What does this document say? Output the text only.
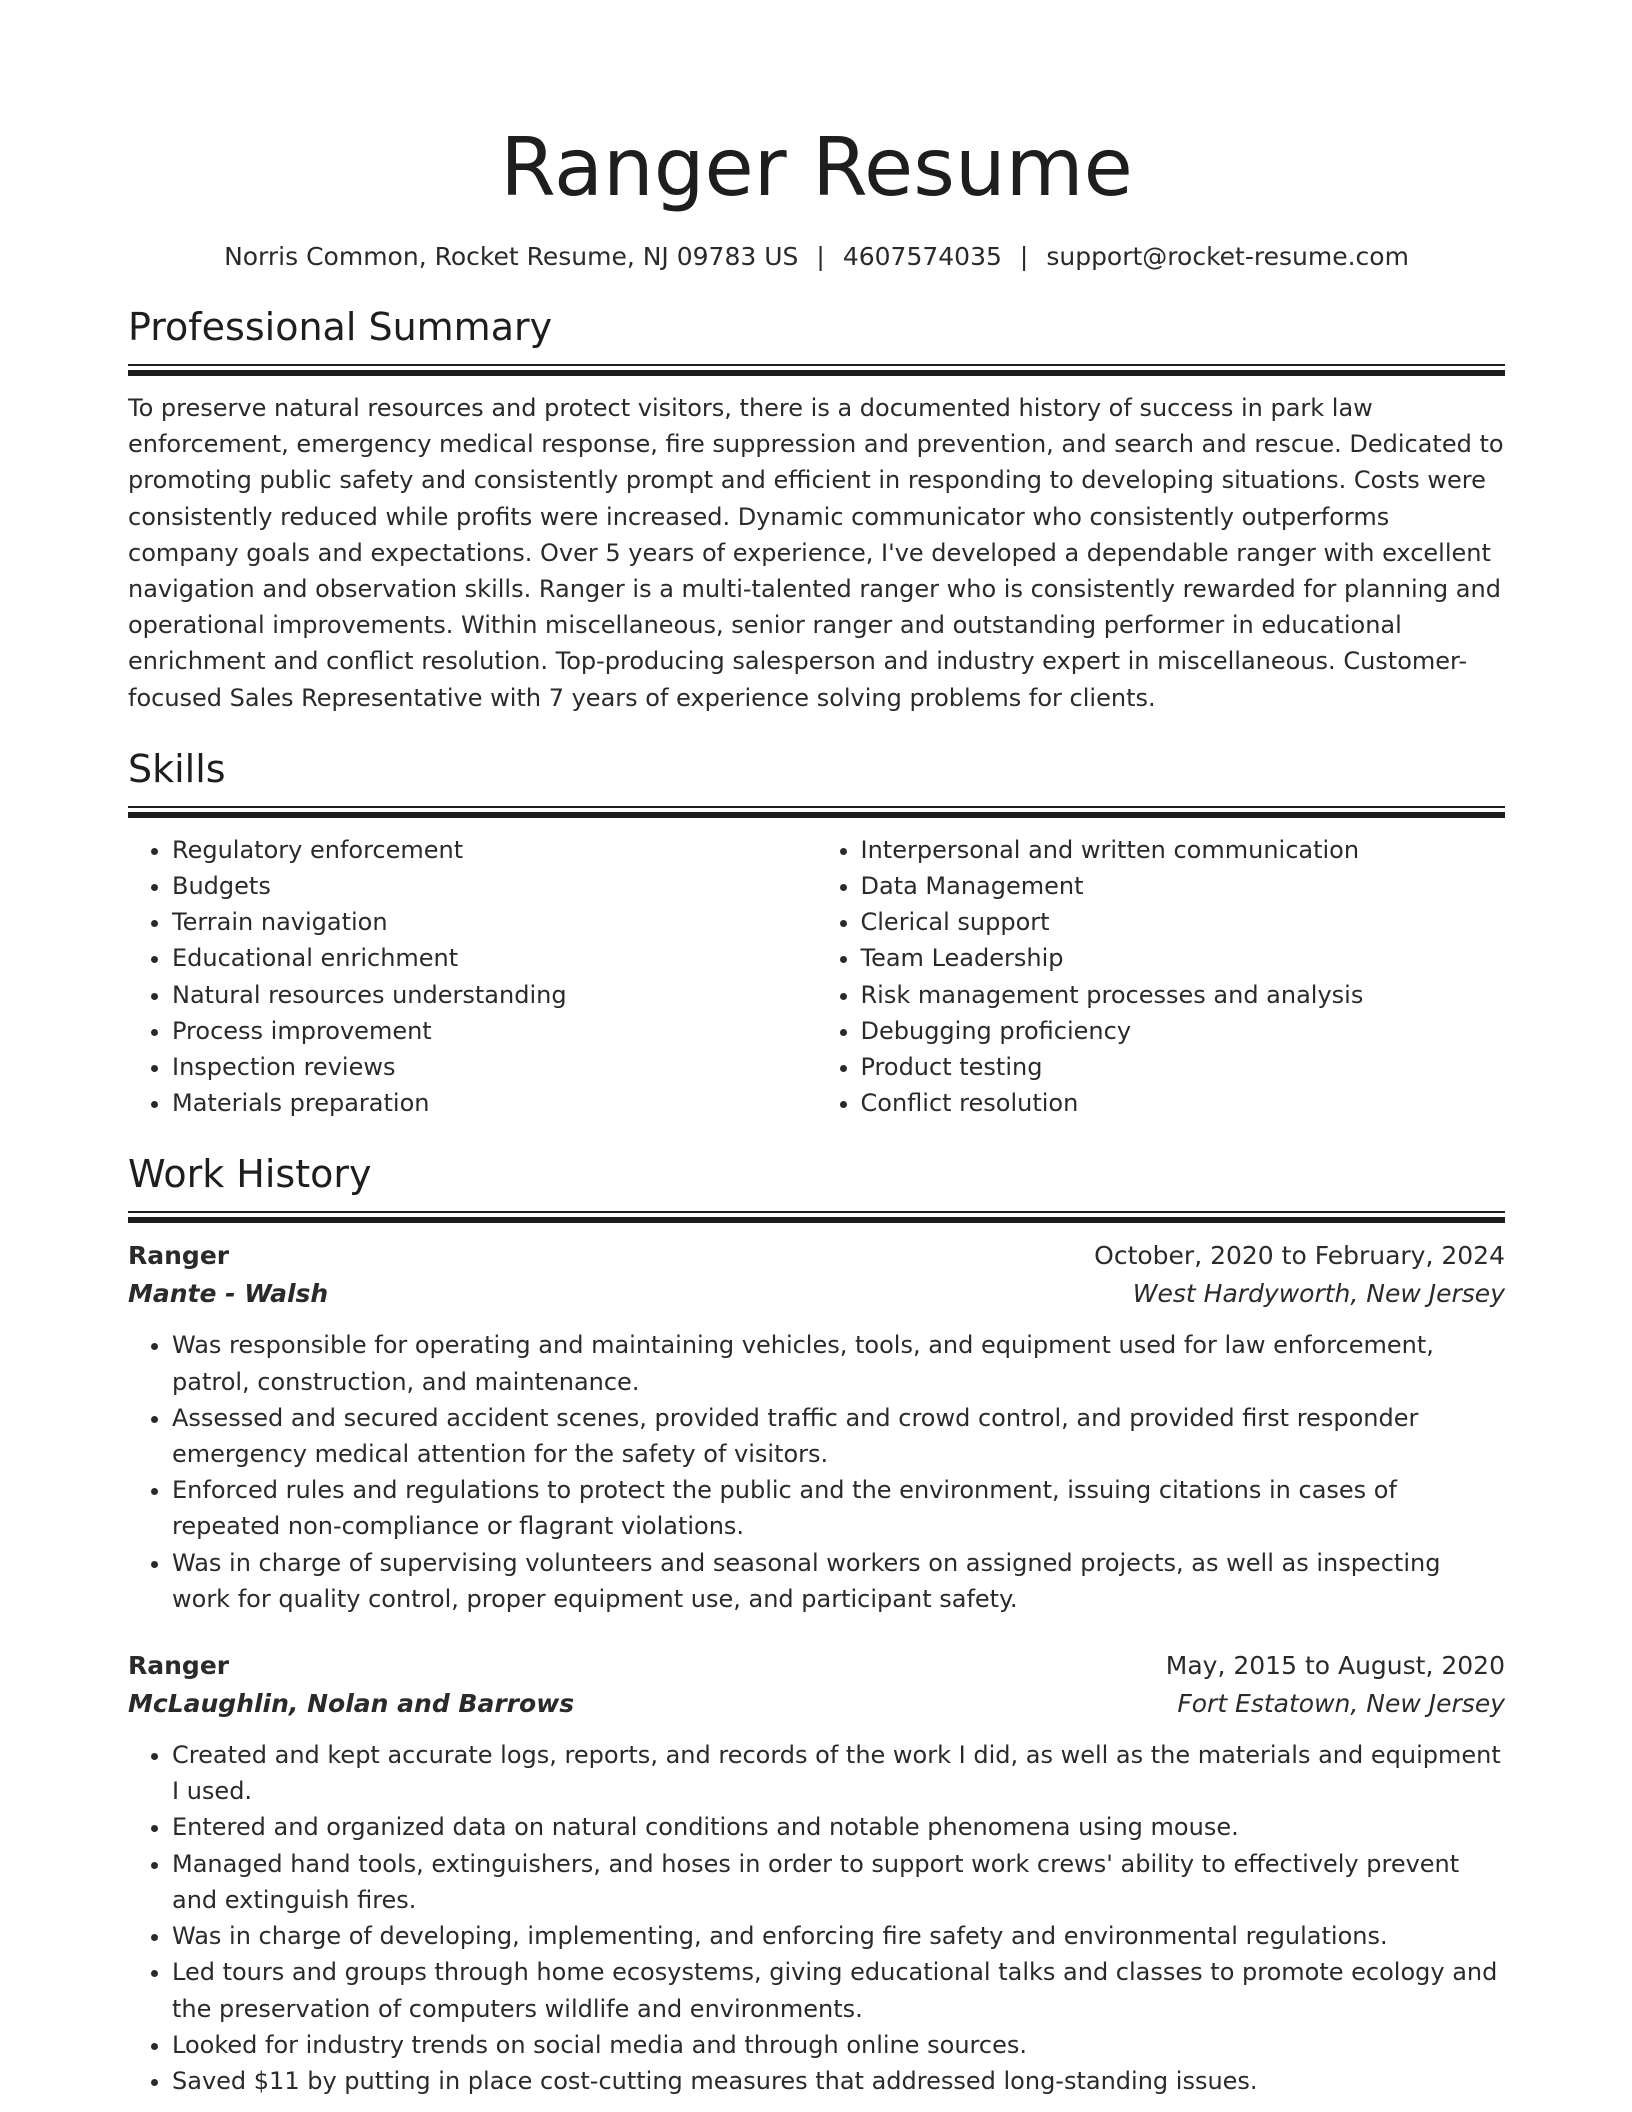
Ranger Resume
Norris Common, Rocket Resume, NJ 09783 US | 4607574035 | support@rocket-resume.com
Professional Summary

To preserve natural resources and protect visitors, there is a documented history of success in park law enforcement, emergency medical response, fire suppression and prevention, and search and rescue. Dedicated to promoting public safety and consistently prompt and efficient in responding to developing situations. Costs were consistently reduced while profits were increased. Dynamic communicator who consistently outperforms company goals and expectations. Over 5 years of experience, I've developed a dependable ranger with excellent navigation and observation skills. Ranger is a multi-talented ranger who is consistently rewarded for planning and operational improvements. Within miscellaneous, senior ranger and outstanding performer in educational enrichment and conflict resolution. Top-producing salesperson and industry expert in miscellaneous. Customer-focused Sales Representative with 7 years of experience solving problems for clients.

Skills
• Regulatory enforcement
• Budgets
• Terrain navigation
• Educational enrichment
• Natural resources understanding
• Process improvement
• Inspection reviews
• Materials preparation
• Interpersonal and written communication
• Data Management
• Clerical support
• Team Leadership
• Risk management processes and analysis
• Debugging proficiency
• Product testing
• Conflict resolution
Work History
Ranger	October, 2020 to February, 2024
Mante - Walsh	West Hardyworth, New Jersey
• Was responsible for operating and maintaining vehicles, tools, and equipment used for law enforcement, patrol, construction, and maintenance.
• Assessed and secured accident scenes, provided traffic and crowd control, and provided first responder emergency medical attention for the safety of visitors.
• Enforced rules and regulations to protect the public and the environment, issuing citations in cases of repeated non-compliance or flagrant violations.
• Was in charge of supervising volunteers and seasonal workers on assigned projects, as well as inspecting work for quality control, proper equipment use, and participant safety.
Ranger	May, 2015 to August, 2020
McLaughlin, Nolan and Barrows	Fort Estatown, New Jersey
• Created and kept accurate logs, reports, and records of the work I did, as well as the materials and equipment I used.
• Entered and organized data on natural conditions and notable phenomena using mouse.
• Managed hand tools, extinguishers, and hoses in order to support work crews' ability to effectively prevent and extinguish fires.
• Was in charge of developing, implementing, and enforcing fire safety and environmental regulations.
• Led tours and groups through home ecosystems, giving educational talks and classes to promote ecology and the preservation of computers wildlife and environments.
• Looked for industry trends on social media and through online sources.
• Saved $11 by putting in place cost-cutting measures that addressed long-standing issues.
